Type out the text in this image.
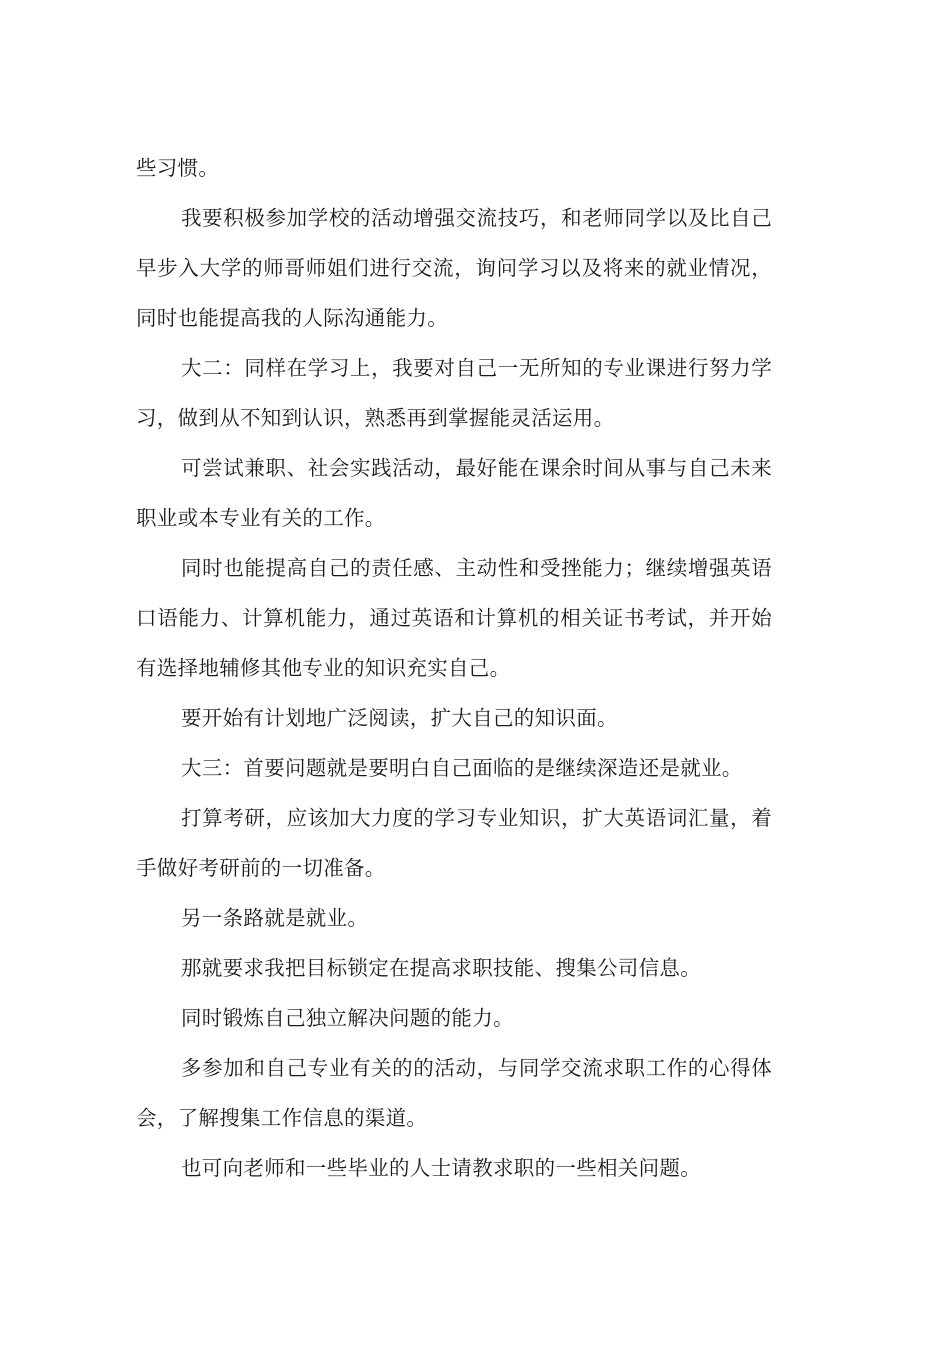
些习惯。

我要积极参加学校的活动增强交流技巧，和老师同学以及比自己早步入大学的师哥师姐们进行交流，询问学习以及将来的就业情况，同时也能提高我的人际沟通能力。

大二：同样在学习上，我要对自己一无所知的专业课进行努力学习，做到从不知到认识，熟悉再到掌握能灵活运用。

可尝试兼职、社会实践活动，最好能在课余时间从事与自己未来职业或本专业有关的工作。

同时也能提高自己的责任感、主动性和受挫能力；继续增强英语口语能力、计算机能力，通过英语和计算机的相关证书考试，并开始有选择地辅修其他专业的知识充实自己。

要开始有计划地广泛阅读，扩大自己的知识面。

大三：首要问题就是要明白自己面临的是继续深造还是就业。

打算考研，应该加大力度的学习专业知识，扩大英语词汇量，着手做好考研前的一切准备。

另一条路就是就业。

那就要求我把目标锁定在提高求职技能、搜集公司信息。

同时锻炼自己独立解决问题的能力。

多参加和自己专业有关的的活动，与同学交流求职工作的心得体会，了解搜集工作信息的渠道。

也可向老师和一些毕业的人士请教求职的一些相关问题。
